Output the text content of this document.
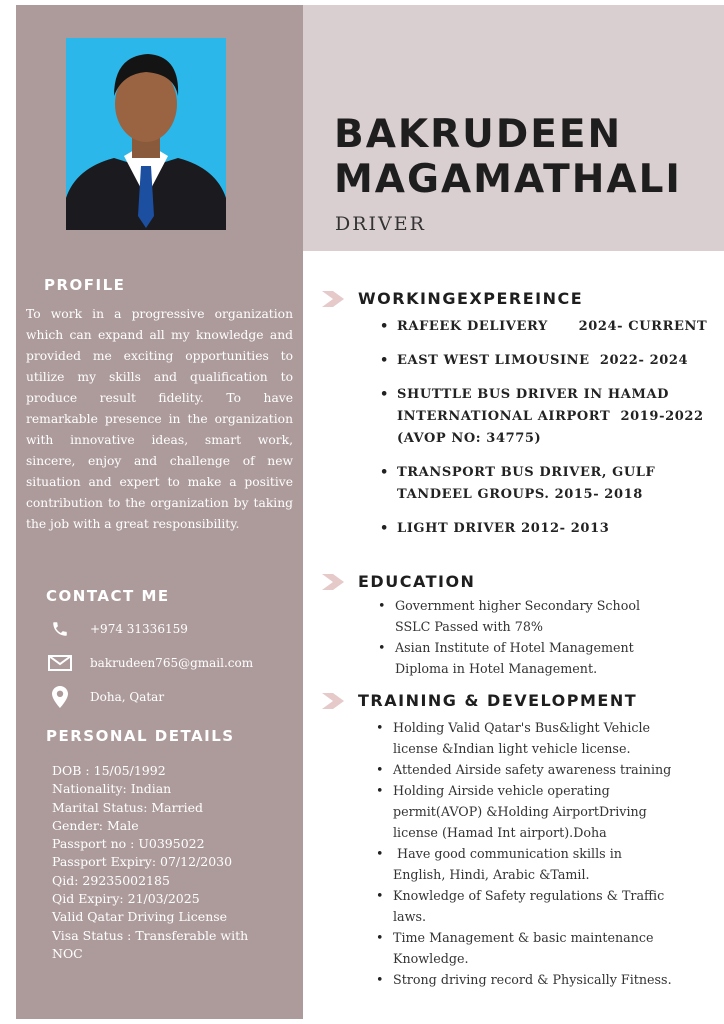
BAKRUDEEN
MAGAMATHALI
DRIVER
PROFILE
To work in a progressive organization which can expand all my knowledge and provided me exciting opportunities to utilize my skills and qualification to produce result fidelity. To have remarkable presence in the organization with innovative ideas, smart work, sincere, enjoy and challenge of new situation and expert to make a positive contribution to the organization by taking the job with a great responsibility.
CONTACT ME
+974 31336159
bakrudeen765@gmail.com
Doha, Qatar
PERSONAL DETAILS
DOB : 15/05/1992
Nationality: Indian
Marital Status: Married
Gender: Male
Passport no : U0395022
Passport Expiry: 07/12/2030
Qid: 29235002185
Qid Expiry: 21/03/2025
Valid Qatar Driving License
Visa Status : Transferable with
NOC
WORKINGEXPEREINCE
• RAFEEK DELIVERY      2024- CURRENT
• EAST WEST LIMOUSINE  2022- 2024
• SHUTTLE BUS DRIVER IN HAMAD
INTERNATIONAL AIRPORT  2019-2022
(AVOP NO: 34775)
• TRANSPORT BUS DRIVER, GULF
TANDEEL GROUPS. 2015- 2018
• LIGHT DRIVER 2012- 2013
EDUCATION
• Government higher Secondary School
SSLC Passed with 78%
• Asian Institute of Hotel Management
Diploma in Hotel Management.
TRAINING & DEVELOPMENT
• Holding Valid Qatar's Bus&light Vehicle
license &Indian light vehicle license.
• Attended Airside safety awareness training
• Holding Airside vehicle operating
permit(AVOP) &Holding AirportDriving
license (Hamad Int airport).Doha
•  Have good communication skills in
English, Hindi, Arabic &Tamil.
• Knowledge of Safety regulations & Traffic
laws.
• Time Management & basic maintenance
Knowledge.
• Strong driving record & Physically Fitness.
